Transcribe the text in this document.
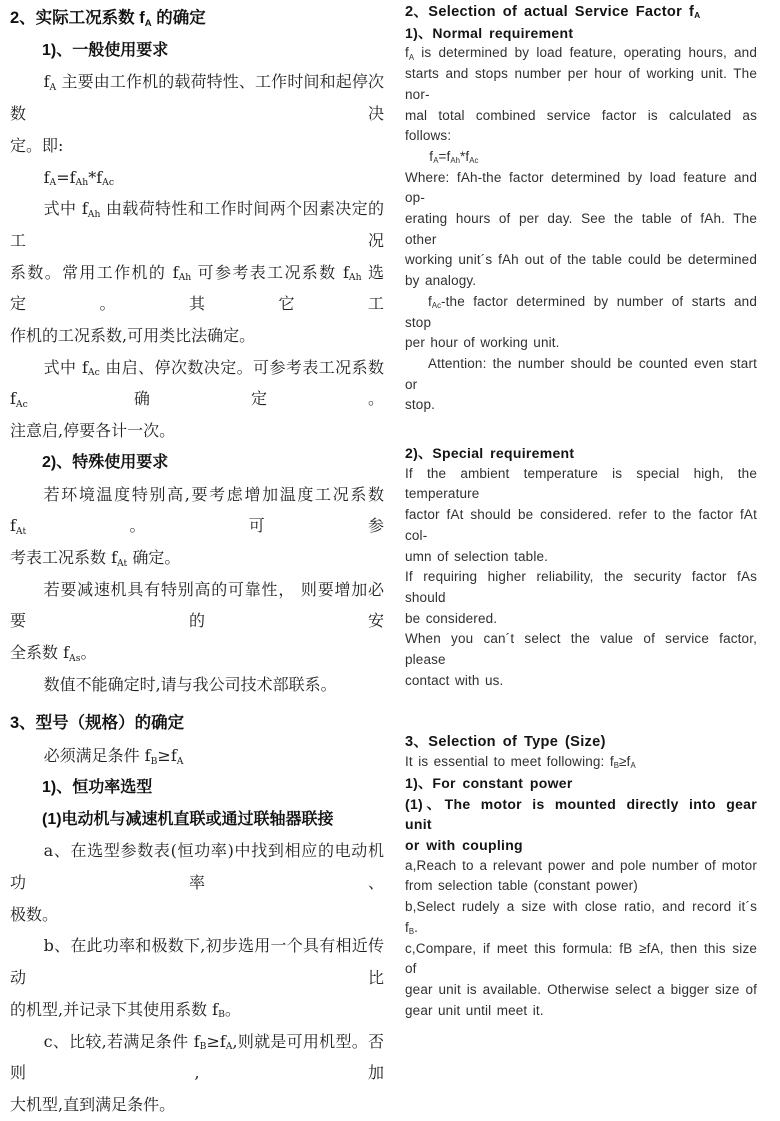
2、实际工况系数 $f_A$ 的确定
1)、一般使用要求
$f_A$ 主要由工作机的载荷特性、工作时间和起停次数决
定。即:
$f_A=f_{Ah}*f_{Ac}$
式中 $f_{Ah}$ 由载荷特性和工作时间两个因素决定的工况
系数。常用工作机的 $f_{Ah}$ 可参考表工况系数 $f_{Ah}$ 选定。其它工
作机的工况系数,可用类比法确定。
式中 $f_{Ac}$ 由启、停次数决定。可参考表工况系数 $f_{Ac}$ 确定。
注意启,停要各计一次。
2)、特殊使用要求
若环境温度特别高,要考虑增加温度工况系数 $f_{At}$。可参
考表工况系数 $f_{At}$ 确定。
若要减速机具有特别高的可靠性， 则要增加必要的安
全系数 $f_{As}$。
数值不能确定时,请与我公司技术部联系。
3、型号（规格）的确定
必须满足条件 $f_B\ge f_A$
1)、恒功率选型
(1)电动机与减速机直联或通过联轴器联接
a、在选型参数表(恒功率)中找到相应的电动机功率、
极数。
b、在此功率和极数下,初步选用一个具有相近传动比
的机型,并记录下其使用系数 $f_B$。
c、比较,若满足条件 $f_B\ge f_A$,则就是可用机型。否则,加
大机型,直到满足条件。
2、Selection of actual Service Factor $f_A$
1)、Normal requirement
$f_A$ is determined by load feature, operating hours, and
starts and stops number per hour of working unit. The nor-
mal total combined service factor is calculated as follows:
$f_A=f_{Ah}*f_{Ac}$
Where: fAh-the factor determined by load feature and op-
erating hours of per day. See the table of fAh. The other
working unit´s fAh out of the table could be determined
by analogy.
$f_{Ac}$-the factor determined by number of starts and stop
per hour of working unit.
Attention: the number should be counted even start or
stop.
2)、Special requirement
If the ambient temperature is special high, the temperature
factor fAt should be considered. refer to the factor fAt col-
umn of selection table.
If requiring higher reliability, the security factor fAs should
be considered.
When you can´t select the value of service factor, please
contact with us.
3、Selection of Type (Size)
It is essential to meet following: $f_B\ge f_A$
1)、For constant power
(1)、The motor is mounted directly into gear unit
or with coupling
a,Reach to a relevant power and pole number of motor
from selection table (constant power)
b,Select rudely a size with close ratio, and record it´s $f_B$.
c,Compare, if meet this formula: fB ≥fA, then this size of
gear unit is available. Otherwise select a bigger size of
gear unit until meet it.
